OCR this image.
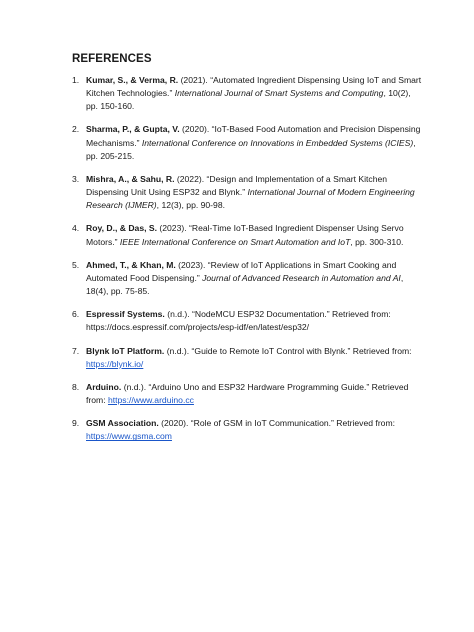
REFERENCES
1. Kumar, S., & Verma, R. (2021). “Automated Ingredient Dispensing Using IoT and Smart Kitchen Technologies.” International Journal of Smart Systems and Computing, 10(2), pp. 150-160.
2. Sharma, P., & Gupta, V. (2020). “IoT-Based Food Automation and Precision Dispensing Mechanisms.” International Conference on Innovations in Embedded Systems (ICIES), pp. 205-215.
3. Mishra, A., & Sahu, R. (2022). “Design and Implementation of a Smart Kitchen Dispensing Unit Using ESP32 and Blynk.” International Journal of Modern Engineering Research (IJMER), 12(3), pp. 90-98.
4. Roy, D., & Das, S. (2023). “Real-Time IoT-Based Ingredient Dispenser Using Servo Motors.” IEEE International Conference on Smart Automation and IoT, pp. 300-310.
5. Ahmed, T., & Khan, M. (2023). “Review of IoT Applications in Smart Cooking and Automated Food Dispensing.” Journal of Advanced Research in Automation and AI, 18(4), pp. 75-85.
6. Espressif Systems. (n.d.). “NodeMCU ESP32 Documentation.” Retrieved from: https://docs.espressif.com/projects/esp-idf/en/latest/esp32/
7. Blynk IoT Platform. (n.d.). “Guide to Remote IoT Control with Blynk.” Retrieved from: https://blynk.io/
8. Arduino. (n.d.). “Arduino Uno and ESP32 Hardware Programming Guide.” Retrieved from: https://www.arduino.cc
9. GSM Association. (2020). “Role of GSM in IoT Communication.” Retrieved from: https://www.gsma.com
